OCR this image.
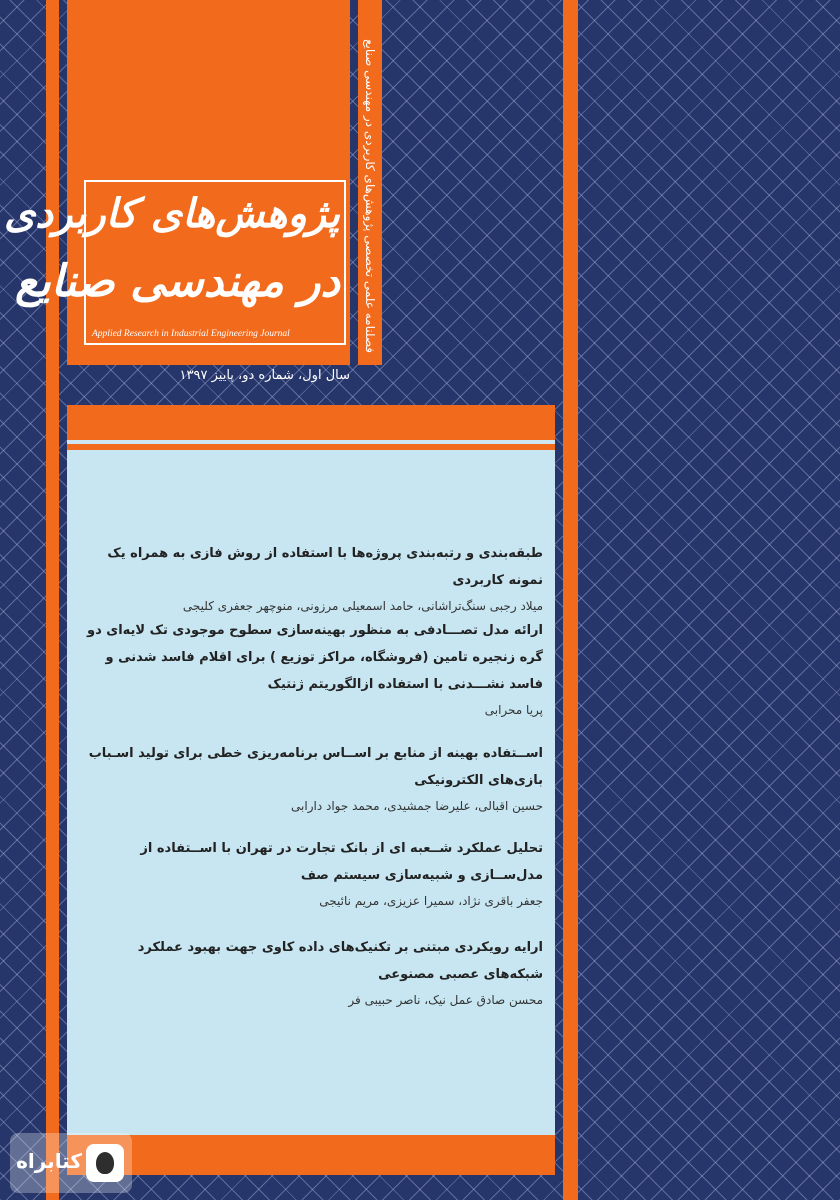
فصلنامه علمی تخصصی پژوهش‌های کاربردی در مهندسی صنایع
پژوهش‌های کاربردی
در مهندسی صنایع
Applied Research in Industrial Engineering Journal
سال اول، شماره دو، پاییز ۱۳۹۷
طبقه‌بندی و رتبه‌بندی پروژه‌ها با استفاده از روش فازی به همراه یک نمونه کاربردی
میلاد رجبی سنگ‌تراشانی، حامد اسمعیلی مرزونی، منوچهر جعفری کلیجی
ارائه مدل تصـــادفی به منظور بهینه‌سازی سطوح موجودی تک لایه‌ای دو گره زنجیره تامین (فروشگاه، مراکز توزیع ) برای اقلام فاسد شدنی و فاسد نشـــدنی با استفاده ازالگوریتم ژنتیک
پریا محرابی
اســتفاده بهینه از منابع بر اســاس برنامه‌ریزی خطی برای تولید اسـباب بازی‌های الکترونیکی
حسین اقبالی، علیرضا جمشیدی، محمد جواد دارابی
تحلیل عملکرد شــعبه ای از بانک تجارت در تهران با اســتفاده از مدل‌ســازی و شبیه‌سازی سیستم صف
جعفر باقری نژاد، سمیرا عزیزی، مریم نائیجی
ارایه رویکردی مبتنی بر تکنیک‌های داده کاوی جهت بهبود عملکرد شبکه‌های عصبی مصنوعی
محسن صادق عمل نیک، ناصر حبیبی فر
کتابراه
